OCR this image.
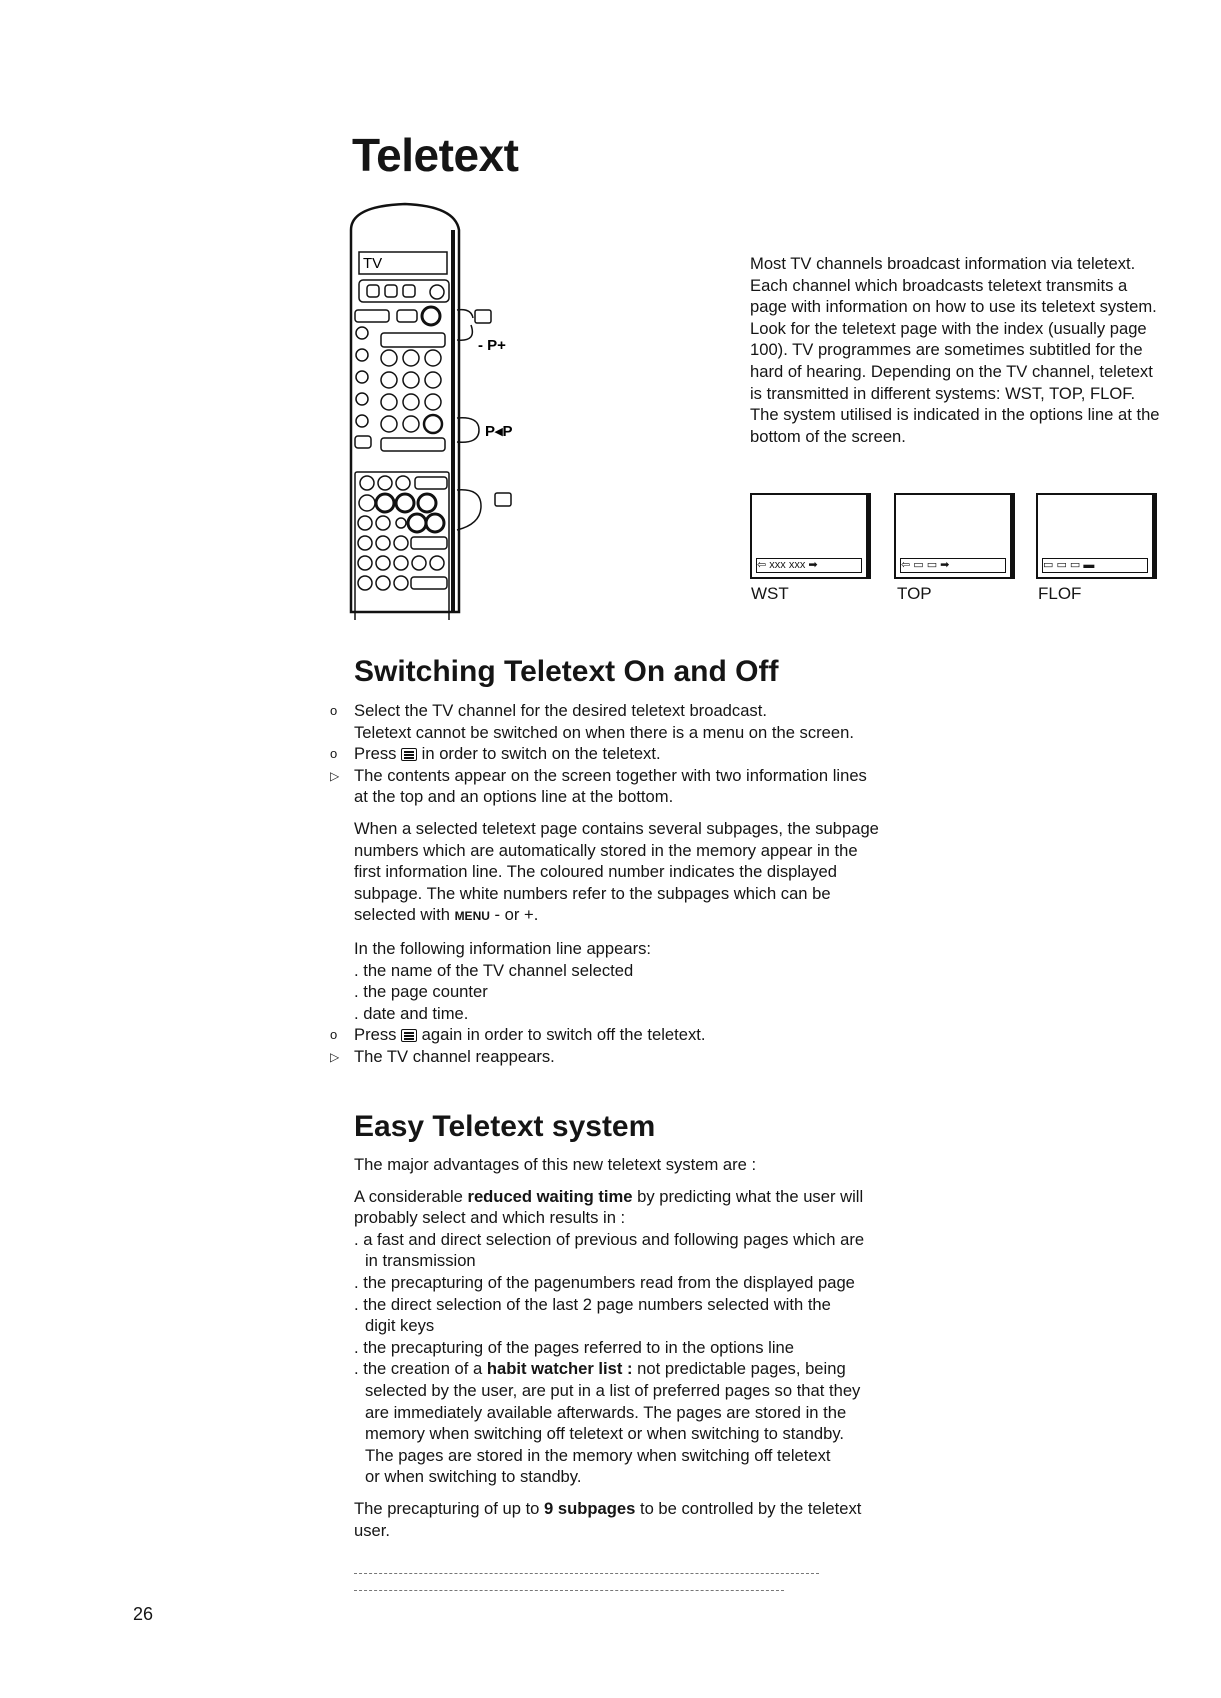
Teletext
TV
- P+
P◂P

Most TV channels broadcast information via teletext. Each channel which broadcasts teletext transmits a page with information on how to use its teletext system. Look for the teletext page with the index (usually page 100). TV programmes are sometimes subtitled for the hard of hearing. Depending on the TV channel, teletext is transmitted in different systems: WST, TOP, FLOF. The system utilised is indicated in the options line at the bottom of the screen.

⇦ xxx xxx ➡	⇦ ▭ ▭ ➡	▭ ▭ ▭ ▬
WST	TOP	FLOF
Switching Teletext On and Off
o Select the TV channel for the desired teletext broadcast.
Teletext cannot be switched on when there is a menu on the screen.
o Press in order to switch on the teletext.
▷ The contents appear on the screen together with two information lines
at the top and an options line at the bottom.
When a selected teletext page contains several subpages, the subpage
numbers which are automatically stored in the memory appear in the
first information line. The coloured number indicates the displayed
subpage. The white numbers refer to the subpages which can be
selected with MENU - or +.
In the following information line appears:
. the name of the TV channel selected
. the page counter
. date and time.
o Press again in order to switch off the teletext.
▷ The TV channel reappears.
Easy Teletext system
The major advantages of this new teletext system are :
A considerable reduced waiting time by predicting what the user will
probably select and which results in :
. a fast and direct selection of previous and following pages which are
in transmission
. the precapturing of the pagenumbers read from the displayed page
. the direct selection of the last 2 page numbers selected with the
digit keys
. the precapturing of the pages referred to in the options line
. the creation of a habit watcher list : not predictable pages, being
selected by the user, are put in a list of preferred pages so that they
are immediately available afterwards. The pages are stored in the
memory when switching off teletext or when switching to standby.
The pages are stored in the memory when switching off teletext
or when switching to standby.
The precapturing of up to 9 subpages to be controlled by the teletext
user.
26
